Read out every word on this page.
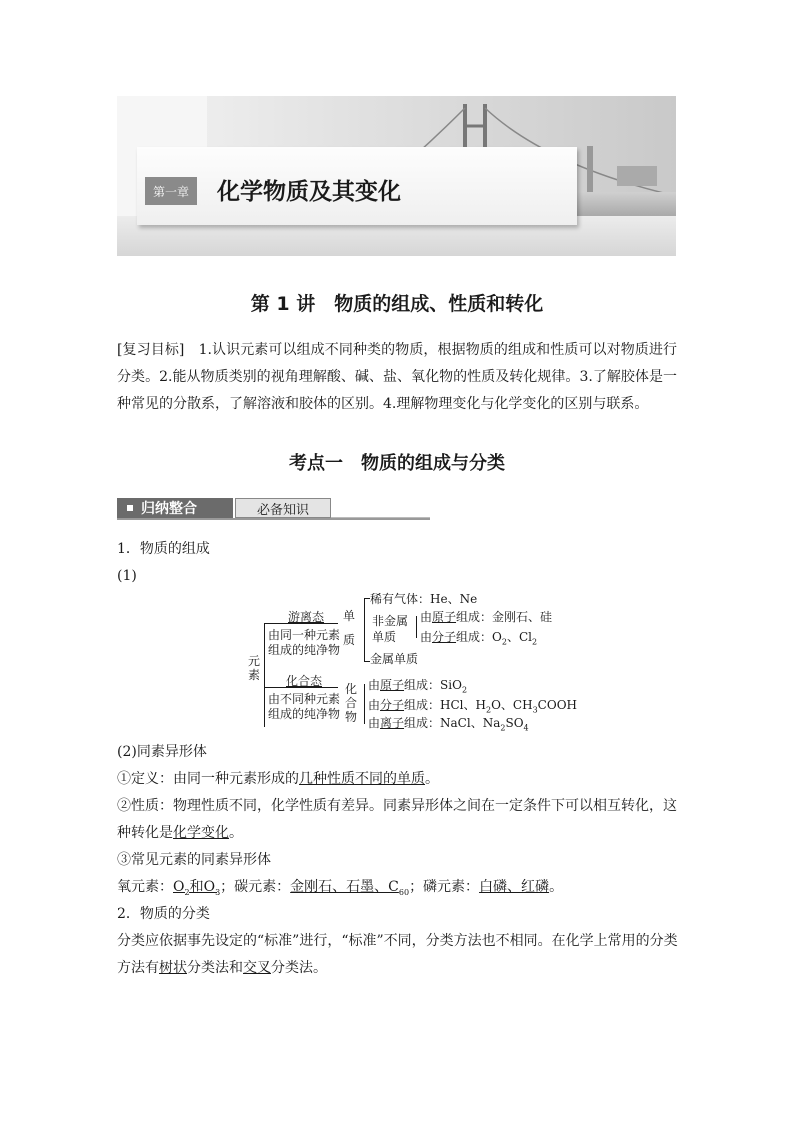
第一章	化学物质及其变化
第 1 讲　物质的组成、性质和转化
[复习目标]　1.认识元素可以组成不同种类的物质，根据物质的组成和性质可以对物质进行分类。2.能从物质类别的视角理解酸、碱、盐、氧化物的性质及转化规律。3.了解胶体是一种常见的分散系，了解溶液和胶体的区别。4.理解物理变化与化学变化的区别与联系。
考点一　物质的组成与分类
归纳整合	必备知识
1．物质的组成
(1)
元素
游离态
由同一种元素
组成的纯净物
化合态
由不同种元素
组成的纯净物
单质
稀有气体：He、Ne
非金属
单质
由原子组成：金刚石、硅
由分子组成：$O_2$、$Cl_2$
金属单质
化合物
由原子组成：SiO$_2$
由分子组成：HCl、$H_2O$、$CH_3COOH$
由离子组成：NaCl、$Na_2SO_4$
(2)同素异形体
①定义：由同一种元素形成的几种性质不同的单质。
②性质：物理性质不同，化学性质有差异。同素异形体之间在一定条件下可以相互转化，这种转化是化学变化。
③常见元素的同素异形体
氧元素：$O_2$和$O_3$；碳元素：金刚石、石墨、$C_{60}$；磷元素：白磷、红磷。
2．物质的分类
分类应依据事先设定的“标准”进行，“标准”不同，分类方法也不相同。在化学上常用的分类方法有树状分类法和交叉分类法。
